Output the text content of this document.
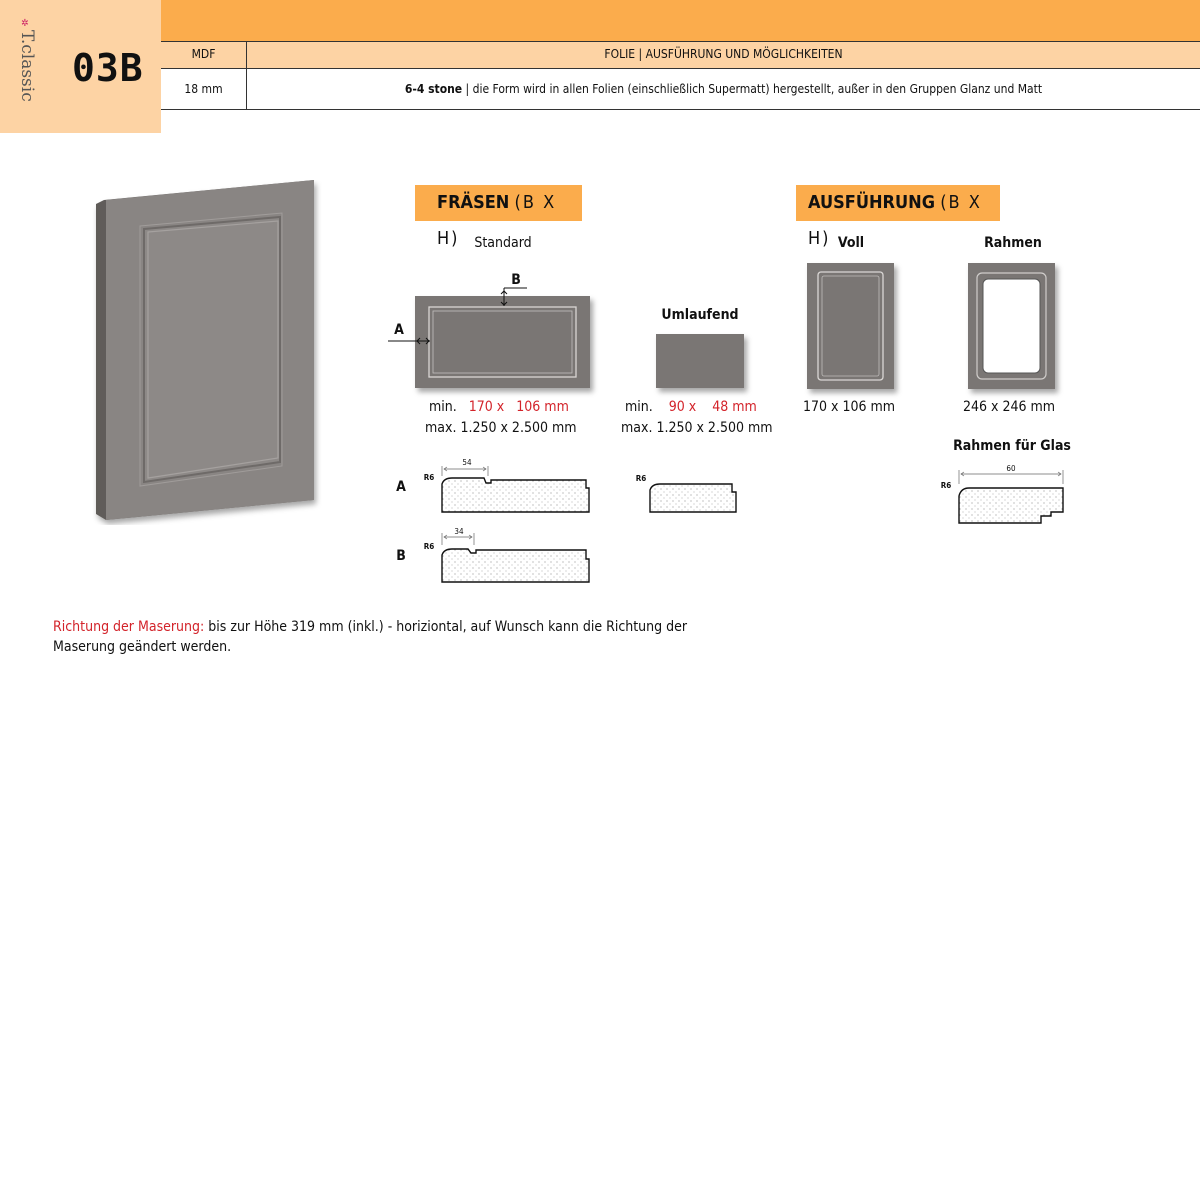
✲
T.classic 03B	MDF	FOLIE | AUSFÜHRUNG UND MÖGLICHKEITEN
18 mm	6-4 stone | die Form wird in allen Folien (einschließlich Supermatt) hergestellt, außer in den Gruppen Glanz und Matt
FRÄSEN (B X H)
AUSFÜHRUNG (B X H)
Standard
B
A
min. 170 x 106 mm
max. 1.250 x 2.500 mm
Umlaufend
min. 90 x 48 mm
max. 1.250 x 2.500 mm
Voll
170 x 106 mm
Rahmen
246 x 246 mm
Rahmen für Glas
A
B
R6
54
R6
34
R6
R6
60
Richtung der Maserung: bis zur Höhe 319 mm (inkl.) - horiziontal, auf Wunsch kann die Richtung der Maserung geändert werden.
